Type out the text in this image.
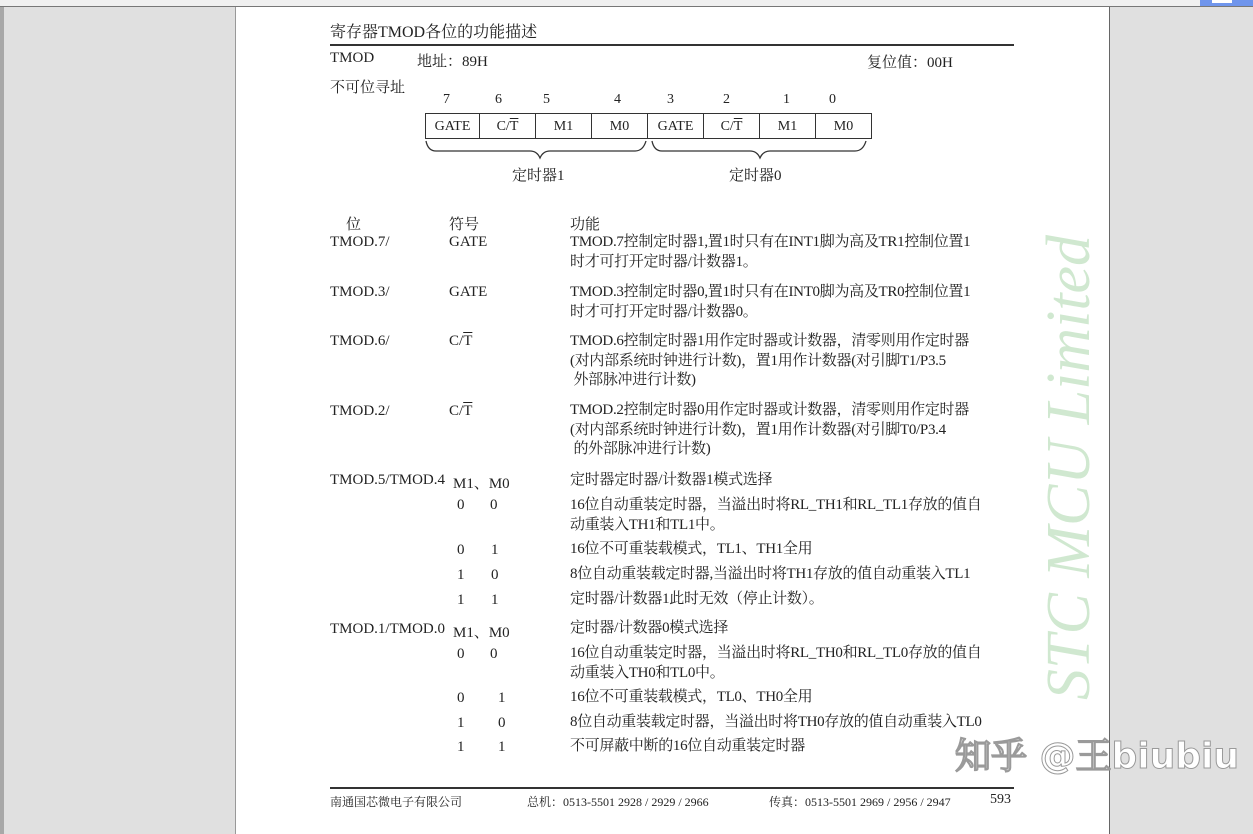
STC MCU Limited
寄存器TMOD各位的功能描述
TMOD	地址：89H	复位值：00H
不可位寻址
7	6	5	4	3	2	1	0
GATE	$C/\overline{T}$	M1	M0	GATE	$C/\overline{T}$	M1	M0
定时器1	定时器0
位	符号	功能
TMOD.7/	GATE	TMOD.7控制定时器1,置1时只有在INT1脚为高及TR1控制位置1
时才可打开定时器/计数器1。
TMOD.3/	GATE	TMOD.3控制定时器0,置1时只有在INT0脚为高及TR0控制位置1
时才可打开定时器/计数器0。
TMOD.6/	$C/\overline{T}$	TMOD.6控制定时器1用作定时器或计数器，清零则用作定时器
(对内部系统时钟进行计数)，置1用作计数器(对引脚T1/P3.5
外部脉冲进行计数)
TMOD.2/	$C/\overline{T}$	TMOD.2控制定时器0用作定时器或计数器，清零则用作定时器
(对内部系统时钟进行计数)，置1用作计数器(对引脚T0/P3.4
的外部脉冲进行计数)
TMOD.5/TMOD.4 M1、M0	定时器定时器/计数器1模式选择
0 0	16位自动重装定时器，当溢出时将RL_TH1和RL_TL1存放的值自
动重装入TH1和TL1中。
0 1	16位不可重装载模式，TL1、TH1全用
1 0	8位自动重装载定时器,当溢出时将TH1存放的值自动重装入TL1
1 1	定时器/计数器1此时无效（停止计数）。
TMOD.1/TMOD.0 M1、M0	定时器/计数器0模式选择
0 0	16位自动重装定时器，当溢出时将RL_TH0和RL_TL0存放的值自
动重装入TH0和TL0中。
0 1	16位不可重装载模式，TL0、TH0全用
1 0	8位自动重装载定时器，当溢出时将TH0存放的值自动重装入TL0
1 1	不可屏蔽中断的16位自动重装定时器
南通国芯微电子有限公司	总机：0513-5501 2928 / 2929 / 2966	传真：0513-5501 2969 / 2956 / 2947	593
知乎 @王biubiu
